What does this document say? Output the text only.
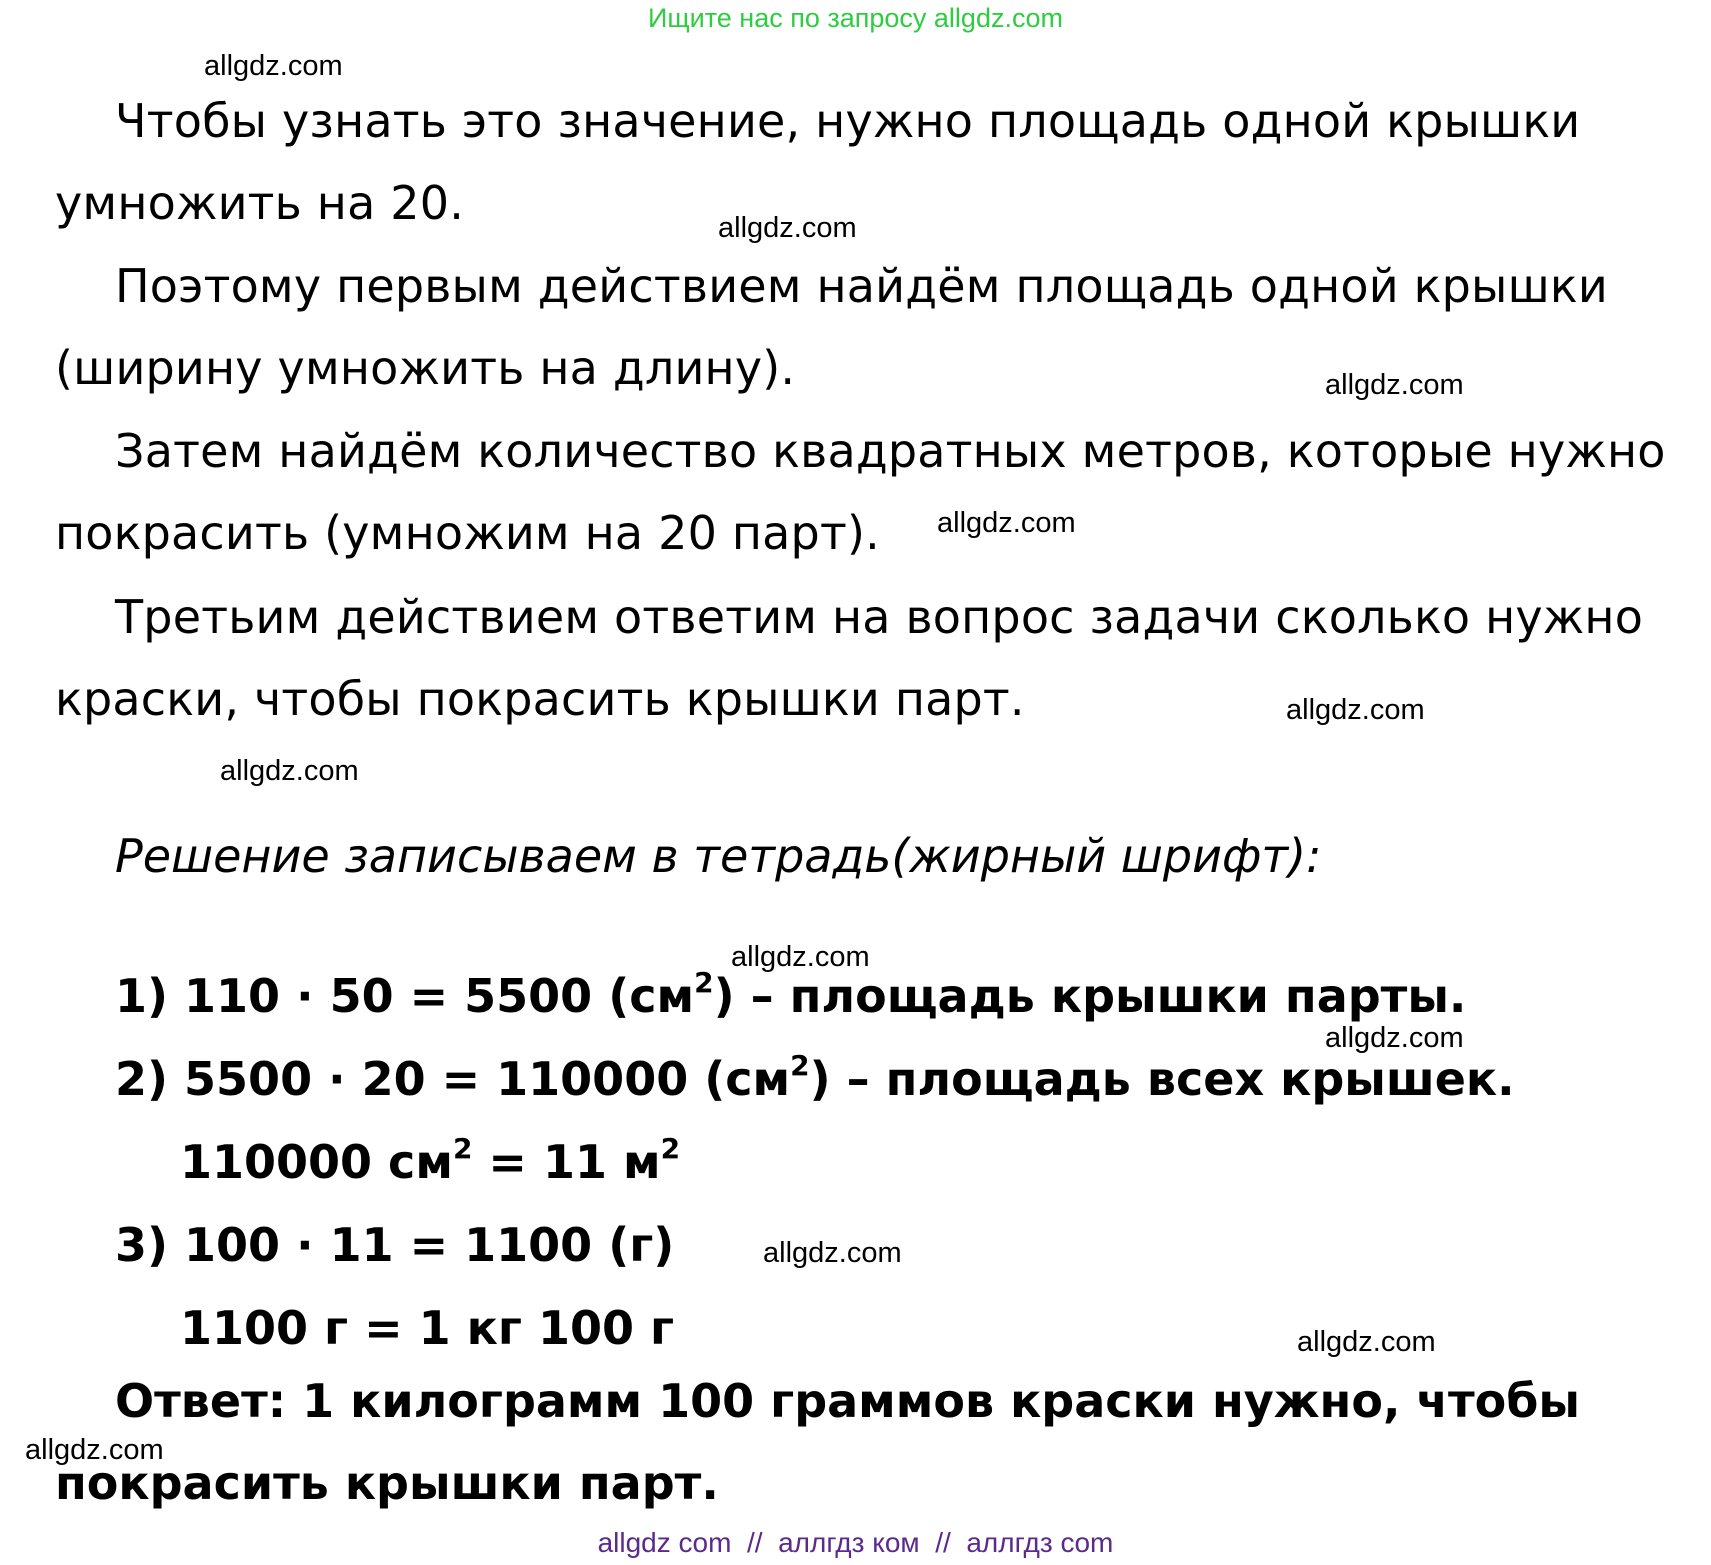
Ищите нас по запросу allgdz.com
allgdz.com
allgdz.com
allgdz.com
allgdz.com
allgdz.com
allgdz.com
allgdz.com
allgdz.com
allgdz.com
allgdz.com
allgdz.com

Чтобы узнать это значение, нужно площадь одной крышки умножить на 20.

Поэтому первым действием найдём площадь одной крышки (ширину умножить на длину).

Затем найдём количество квадратных метров, которые нужно покрасить (умножим на 20 парт).

Третьим действием ответим на вопрос задачи сколько нужно краски, чтобы покрасить крышки парт.

Решение записываем в тетрадь(жирный шрифт):

1) 110 · 50 = 5500 $(см^2)$ – площадь крышки парты.

2) 5500 · 20 = 110000 $(см^2)$ – площадь всех крышек.

110000 $см^2 = 11$ $м^2$

3) 100 · 11 = 1100 (г)

1100 г = 1 кг 100 г

Ответ: 1 килограмм 100 граммов краски нужно, чтобы покрасить крышки парт.

allgdz com  //  аллгдз ком  //  аллгдз com
